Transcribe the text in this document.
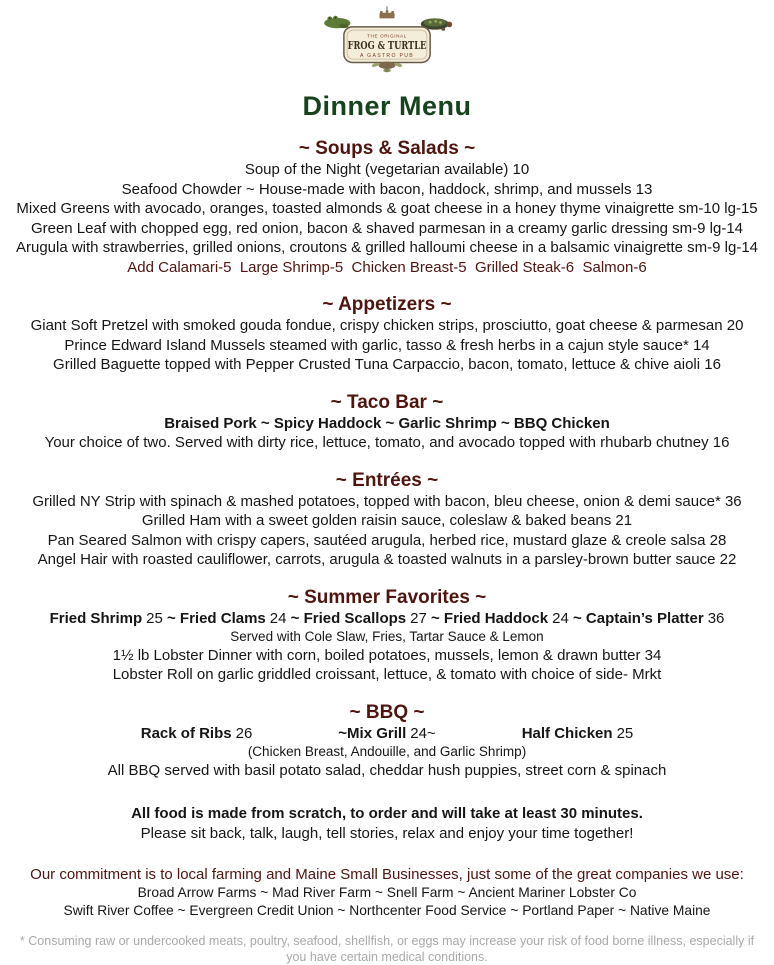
THE ORIGINAL
FROG & TURTLE
A GASTRO PUB
Dinner Menu
~ Soups & Salads ~
Soup of the Night (vegetarian available) 10
Seafood Chowder ~ House-made with bacon, haddock, shrimp, and mussels 13
Mixed Greens with avocado, oranges, toasted almonds & goat cheese in a honey thyme vinaigrette sm-10 lg-15
Green Leaf with chopped egg, red onion, bacon & shaved parmesan in a creamy garlic dressing sm-9 lg-14
Arugula with strawberries, grilled onions, croutons & grilled halloumi cheese in a balsamic vinaigrette sm-9 lg-14
Add Calamari-5  Large Shrimp-5  Chicken Breast-5  Grilled Steak-6  Salmon-6
~ Appetizers ~
Giant Soft Pretzel with smoked gouda fondue, crispy chicken strips, prosciutto, goat cheese & parmesan 20
Prince Edward Island Mussels steamed with garlic, tasso & fresh herbs in a cajun style sauce* 14
Grilled Baguette topped with Pepper Crusted Tuna Carpaccio, bacon, tomato, lettuce & chive aioli 16
~ Taco Bar ~
Braised Pork ~ Spicy Haddock ~ Garlic Shrimp ~ BBQ Chicken
Your choice of two. Served with dirty rice, lettuce, tomato, and avocado topped with rhubarb chutney 16
~ Entrées ~
Grilled NY Strip with spinach & mashed potatoes, topped with bacon, bleu cheese, onion & demi sauce* 36
Grilled Ham with a sweet golden raisin sauce, coleslaw & baked beans 21
Pan Seared Salmon with crispy capers, sautéed arugula, herbed rice, mustard glaze & creole salsa 28
Angel Hair with roasted cauliflower, carrots, arugula & toasted walnuts in a parsley-brown butter sauce 22
~ Summer Favorites ~
Fried Shrimp 25 ~ Fried Clams 24 ~ Fried Scallops 27 ~ Fried Haddock 24 ~ Captain’s Platter 36
Served with Cole Slaw, Fries, Tartar Sauce & Lemon
1½ lb Lobster Dinner with corn, boiled potatoes, mussels, lemon & drawn butter 34
Lobster Roll on garlic griddled croissant, lettuce, & tomato with choice of side- Mrkt
~ BBQ ~
Rack of Ribs 26	~Mix Grill 24~	Half Chicken 25
(Chicken Breast, Andouille, and Garlic Shrimp)
All BBQ served with basil potato salad, cheddar hush puppies, street corn & spinach
All food is made from scratch, to order and will take at least 30 minutes.
Please sit back, talk, laugh, tell stories, relax and enjoy your time together!
Our commitment is to local farming and Maine Small Businesses, just some of the great companies we use:
Broad Arrow Farms ~ Mad River Farm ~ Snell Farm ~ Ancient Mariner Lobster Co
Swift River Coffee ~ Evergreen Credit Union ~ Northcenter Food Service ~ Portland Paper ~ Native Maine
* Consuming raw or undercooked meats, poultry, seafood, shellfish, or eggs may increase your risk of food borne illness, especially if you have certain medical conditions.
